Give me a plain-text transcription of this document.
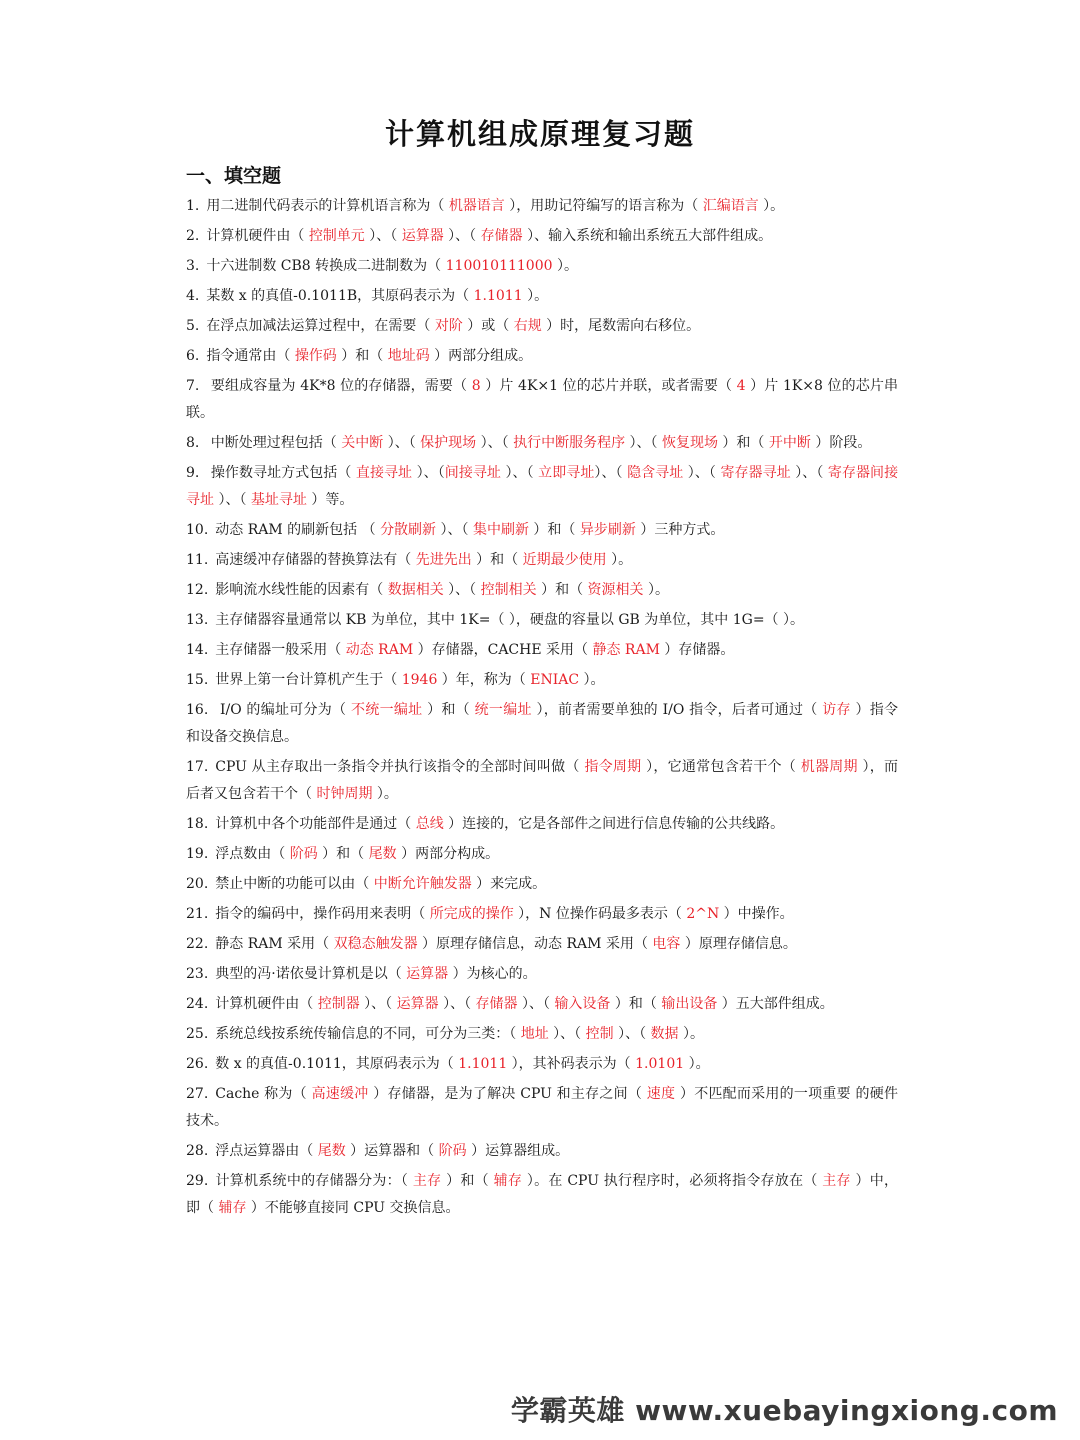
计算机组成原理复习题
一、填空题

1. 用二进制代码表示的计算机语言称为（ 机器语言 ），用助记符编写的语言称为（ 汇编语言 ）。

2. 计算机硬件由（ 控制单元 ）、（ 运算器 ）、（ 存储器 ）、输入系统和输出系统五大部件组成。

3. 十六进制数 CB8 转换成二进制数为（ 110010111000 ）。

4. 某数 x 的真值-0.1011B，其原码表示为（ 1.1011 ）。

5. 在浮点加减法运算过程中，在需要（ 对阶 ）或（ 右规 ）时，尾数需向右移位。

6. 指令通常由（ 操作码 ）和（ 地址码 ）两部分组成。

7. 要组成容量为 4K*8 位的存储器，需要（ 8 ）片 4K×1 位的芯片并联，或者需要（ 4 ）片 1K×8 位的芯片串联。

8. 中断处理过程包括（ 关中断 ）、（ 保护现场 ）、（ 执行中断服务程序 ）、（ 恢复现场 ）和（ 开中断 ）阶段。

9. 操作数寻址方式包括（ 直接寻址 ）、（间接寻址 ）、（ 立即寻址）、（ 隐含寻址 ）、（ 寄存器寻址 ）、（ 寄存器间接寻址 ）、（ 基址寻址 ）等。

10. 动态 RAM 的刷新包括 （ 分散刷新 ）、（ 集中刷新 ）和（ 异步刷新 ）三种方式。

11. 高速缓冲存储器的替换算法有（ 先进先出 ）和（ 近期最少使用 ）。

12. 影响流水线性能的因素有（ 数据相关 ）、（ 控制相关 ）和（ 资源相关 ）。

13. 主存储器容量通常以 KB 为单位，其中 1K=（ ），硬盘的容量以 GB 为单位，其中 1G=（ ）。

14. 主存储器一般采用（ 动态 RAM ）存储器，CACHE 采用（ 静态 RAM ）存储器。

15. 世界上第一台计算机产生于（ 1946 ）年，称为（ ENIAC ）。

16. I/O 的编址可分为（ 不统一编址 ）和（ 统一编址 ），前者需要单独的 I/O 指令，后者可通过（ 访存 ）指令和设备交换信息。

17. CPU 从主存取出一条指令并执行该指令的全部时间叫做（ 指令周期 ），它通常包含若干个（ 机器周期 ），而后者又包含若干个（ 时钟周期 ）。

18. 计算机中各个功能部件是通过（ 总线 ）连接的，它是各部件之间进行信息传输的公共线路。

19. 浮点数由（ 阶码 ）和（ 尾数 ）两部分构成。

20. 禁止中断的功能可以由（ 中断允许触发器 ）来完成。

21. 指令的编码中，操作码用来表明（ 所完成的操作 ），N 位操作码最多表示（ 2^N ）中操作。

22. 静态 RAM 采用（ 双稳态触发器 ）原理存储信息，动态 RAM 采用（ 电容 ）原理存储信息。

23. 典型的冯·诺依曼计算机是以（ 运算器 ）为核心的。

24. 计算机硬件由（ 控制器 ）、（ 运算器 ）、（ 存储器 ）、（ 输入设备 ）和（ 输出设备 ）五大部件组成。

25. 系统总线按系统传输信息的不同，可分为三类：（ 地址 ）、（ 控制 ）、（ 数据 ）。

26. 数 x 的真值-0.1011，其原码表示为（ 1.1011 ），其补码表示为（ 1.0101 ）。

27. Cache 称为（ 高速缓冲 ）存储器，是为了解决 CPU 和主存之间（ 速度 ）不匹配而采用的一项重要 的硬件技术。

28. 浮点运算器由（ 尾数 ）运算器和（ 阶码 ）运算器组成。

29. 计算机系统中的存储器分为：（ 主存 ）和（ 辅存 ）。在 CPU 执行程序时，必须将指令存放在（ 主存 ）中，即（ 辅存 ）不能够直接同 CPU 交换信息。

学霸英雄 www.xuebayingxiong.com
